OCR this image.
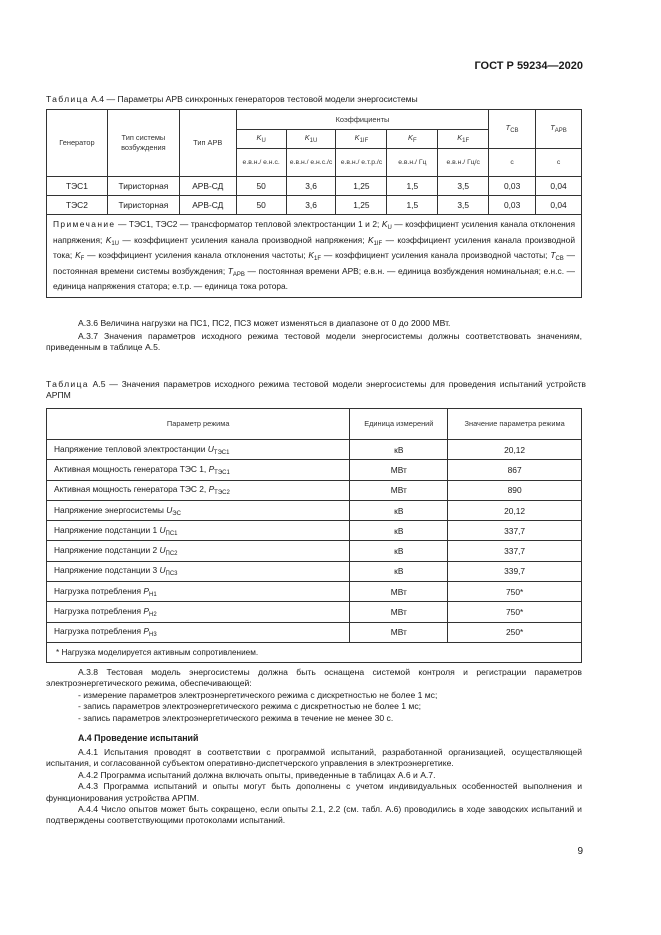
ГОСТ Р 59234—2020
Таблица А.4 — Параметры АРВ синхронных генераторов тестовой модели энергосистемы
Генератор	Тип системы возбуждения	Тип АРВ	Коэффициенты					$T_{СВ}$	$T_{АРВ}$
			$K_U$	$K_{1U}$	$K_{1IF}$	$K_F$	$K_{1F}$
			е.в.н./ е.н.с.	е.в.н./ е.н.с./с	е.в.н./ е.т.р./с	е.в.н./ Гц	е.в.н./ Гц/с	с	с
ТЭС1	Тиристорная	АРВ-СД	50	3,6	1,25	1,5	3,5	0,03	0,04
ТЭС2	Тиристорная	АРВ-СД	50	3,6	1,25	1,5	3,5	0,03	0,04
Примечание — ТЭС1, ТЭС2 — трансформатор тепловой электростанции 1 и 2; $K_U$ — коэффициент усиления канала отклонения напряжения; $K_{1U}$ — коэффициент усиления канала производной напряжения; $K_{1IF}$ — коэффициент усиления канала производной тока; $K_F$ — коэффициент усиления канала отклонения частоты; $K_{1F}$ — коэффициент усиления канала производной частоты; $T_{СВ}$ — постоянная времени системы возбуждения; $T_{АРВ}$ — постоянная времени АРВ; е.в.н. — единица возбуждения номинальная; е.н.с. — единица напряжения статора; е.т.р. — единица тока ротора.									
А.3.6 Величина нагрузки на ПС1, ПС2, ПС3 может изменяться в диапазоне от 0 до 2000 МВт.
А.3.7 Значения параметров исходного режима тестовой модели энергосистемы должны соответствовать значениям, приведенным в таблице А.5.
Таблица А.5 — Значения параметров исходного режима тестовой модели энергосистемы для проведения испытаний устройств АРПМ
Параметр режима	Единица измерений	Значение параметра режима
Напряжение тепловой электростанции $U_{ТЭС1}$	кВ	20,12
Активная мощность генератора ТЭС 1, $P_{ТЭС1}$	МВт	867
Активная мощность генератора ТЭС 2, $P_{ТЭС2}$	МВт	890
Напряжение энергосистемы $U_{ЭС}$	кВ	20,12
Напряжение подстанции 1 $U_{ПС1}$	кВ	337,7
Напряжение подстанции 2 $U_{ПС2}$	кВ	337,7
Напряжение подстанции 3 $U_{ПС3}$	кВ	339,7
Нагрузка потребления $P_{Н1}$	МВт	750*
Нагрузка потребления $P_{Н2}$	МВт	750*
Нагрузка потребления $P_{Н3}$	МВт	250*
* Нагрузка моделируется активным сопротивлением.		
А.3.8 Тестовая модель энергосистемы должна быть оснащена системой контроля и регистрации параметров электроэнергетического режима, обеспечивающей:
- измерение параметров электроэнергетического режима с дискретностью не более 1 мс;
- запись параметров электроэнергетического режима с дискретностью не более 1 мс;
- запись параметров электроэнергетического режима в течение не менее 30 с.
А.4 Проведение испытаний
А.4.1 Испытания проводят в соответствии с программой испытаний, разработанной организацией, осуществляющей испытания, и согласованной субъектом оперативно-диспетчерского управления в электроэнергетике.
А.4.2 Программа испытаний должна включать опыты, приведенные в таблицах А.6 и А.7.
А.4.3 Программа испытаний и опыты могут быть дополнены с учетом индивидуальных особенностей выполнения и функционирования устройства АРПМ.
А.4.4 Число опытов может быть сокращено, если опыты 2.1, 2.2 (см. табл. А.6) проводились в ходе заводских испытаний и подтверждены соответствующими протоколами испытаний.
9
